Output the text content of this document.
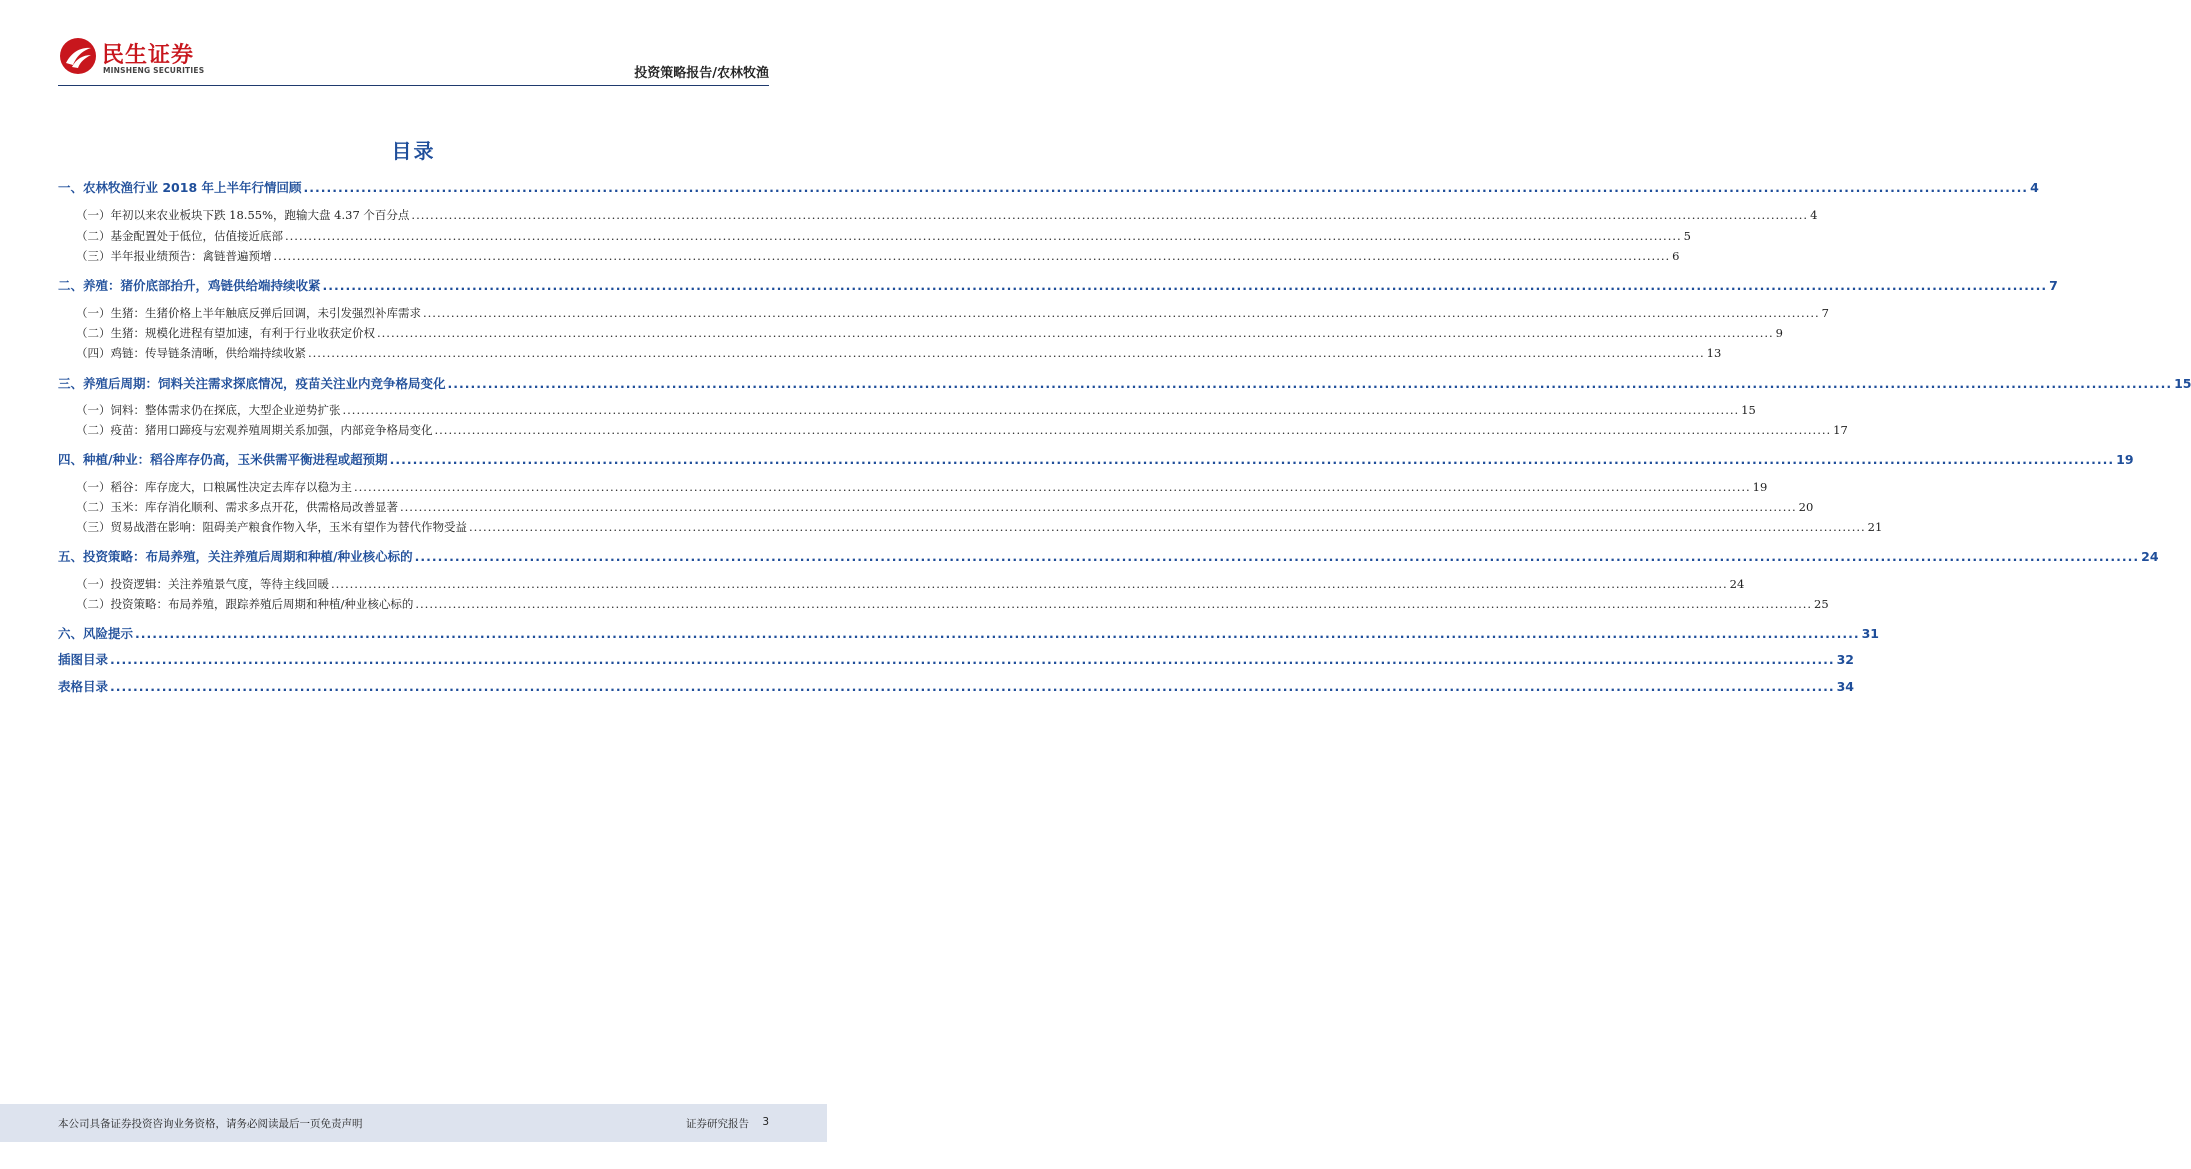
民生证券
MINSHENG SECURITIES	投资策略报告/农林牧渔
目录
一、农林牧渔行业 2018 年上半年行情回顾 ............................................................................................................................................................................................................................................................................................................ 4
（一）年初以来农业板块下跌 18.55%，跑输大盘 4.37 个百分点 ............................................................................................................................................................................................................................................................................................................ 4
（二）基金配置处于低位，估值接近底部 ............................................................................................................................................................................................................................................................................................................ 5
（三）半年报业绩预告：禽链普遍预增 ............................................................................................................................................................................................................................................................................................................ 6
二、养殖：猪价底部抬升，鸡链供给端持续收紧 ............................................................................................................................................................................................................................................................................................................ 7
（一）生猪：生猪价格上半年触底反弹后回调，未引发强烈补库需求 ............................................................................................................................................................................................................................................................................................................ 7
（二）生猪：规模化进程有望加速，有利于行业收获定价权 ............................................................................................................................................................................................................................................................................................................ 9
（四）鸡链：传导链条清晰，供给端持续收紧 ............................................................................................................................................................................................................................................................................................................ 13
三、养殖后周期：饲料关注需求探底情况，疫苗关注业内竞争格局变化 ............................................................................................................................................................................................................................................................................................................ 15
（一）饲料：整体需求仍在探底，大型企业逆势扩张 ............................................................................................................................................................................................................................................................................................................ 15
（二）疫苗：猪用口蹄疫与宏观养殖周期关系加强，内部竞争格局变化 ............................................................................................................................................................................................................................................................................................................ 17
四、种植/种业：稻谷库存仍高，玉米供需平衡进程或超预期 ............................................................................................................................................................................................................................................................................................................ 19
（一）稻谷：库存庞大，口粮属性决定去库存以稳为主 ............................................................................................................................................................................................................................................................................................................ 19
（二）玉米：库存消化顺利、需求多点开花，供需格局改善显著 ............................................................................................................................................................................................................................................................................................................ 20
（三）贸易战潜在影响：阻碍美产粮食作物入华，玉米有望作为替代作物受益 ............................................................................................................................................................................................................................................................................................................ 21
五、投资策略：布局养殖，关注养殖后周期和种植/种业核心标的 ............................................................................................................................................................................................................................................................................................................ 24
（一）投资逻辑：关注养殖景气度，等待主线回暖 ............................................................................................................................................................................................................................................................................................................ 24
（二）投资策略：布局养殖，跟踪养殖后周期和种植/种业核心标的 ............................................................................................................................................................................................................................................................................................................ 25
六、风险提示 ............................................................................................................................................................................................................................................................................................................ 31
插图目录 ............................................................................................................................................................................................................................................................................................................ 32
表格目录 ............................................................................................................................................................................................................................................................................................................ 34
本公司具备证券投资咨询业务资格，请务必阅读最后一页免责声明	证券研究报告 3
